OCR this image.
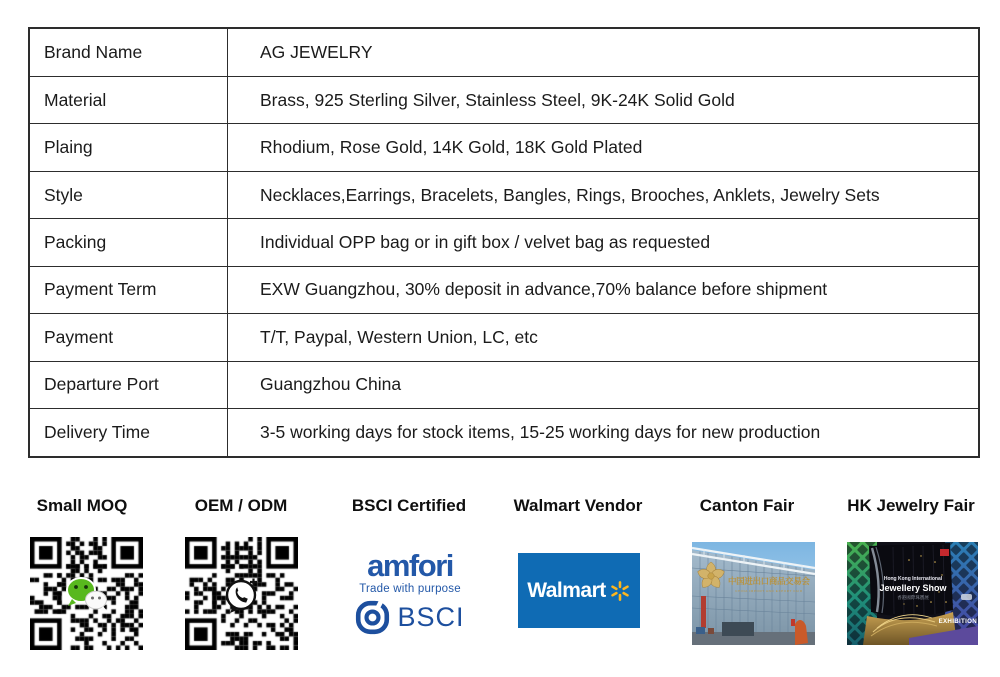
Brand Name	AG JEWELRY
Material	Brass, 925 Sterling Silver, Stainless Steel, 9K-24K Solid Gold
Plaing	Rhodium, Rose Gold, 14K Gold, 18K Gold Plated
Style	Necklaces,Earrings, Bracelets, Bangles, Rings, Brooches, Anklets, Jewelry Sets
Packing	Individual OPP bag or in gift box / velvet bag as requested
Payment Term	EXW Guangzhou, 30% deposit in advance,70% balance before shipment
Payment	T/T, Paypal, Western Union, LC, etc
Departure Port	Guangzhou China
Delivery Time	3-5 working days for stock items, 15-25 working days for new production
Small MOQ	OEM / ODM	BSCI Certified	Walmart Vendor	Canton Fair	HK Jewelry Fair
amfori
Trade with purpose
BSCI
Walmart	中国进出口商品交易会
CHINA IMPORT AND EXPORT FAIR
Hong Kong International
Jewellery Show
香港國際珠寶展
EXHIBITION
